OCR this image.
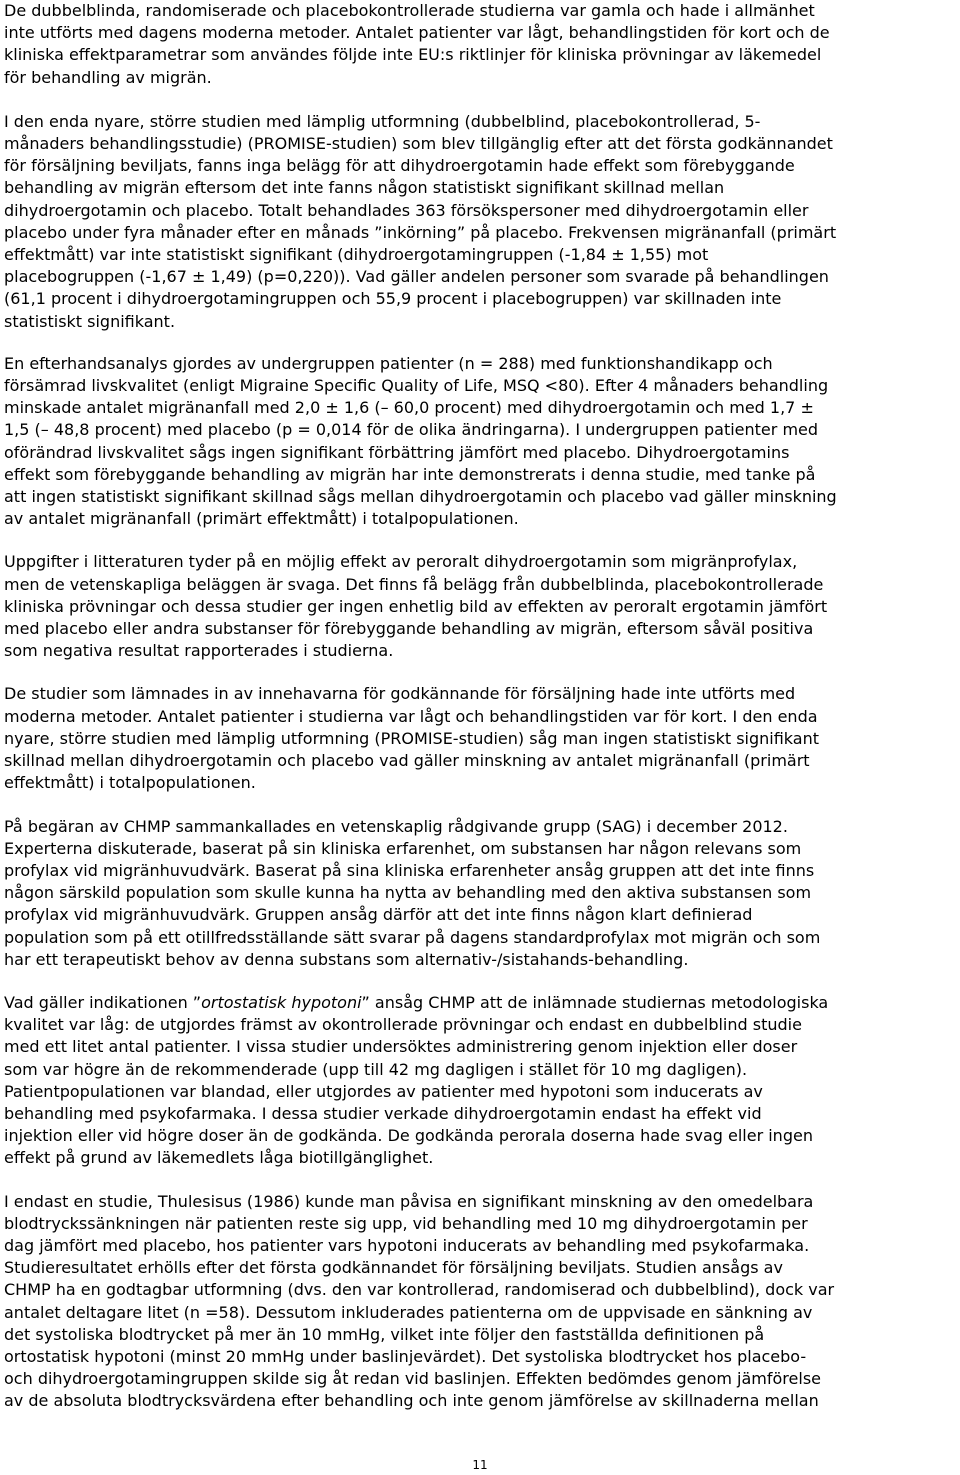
De dubbelblinda, randomiserade och placebokontrollerade studierna var gamla och hade i allmänhet
inte utförts med dagens moderna metoder. Antalet patienter var lågt, behandlingstiden för kort och de
kliniska effektparametrar som användes följde inte EU:s riktlinjer för kliniska prövningar av läkemedel
för behandling av migrän.
I den enda nyare, större studien med lämplig utformning (dubbelblind, placebokontrollerad, 5-
månaders behandlingsstudie) (PROMISE-studien) som blev tillgänglig efter att det första godkännandet
för försäljning beviljats, fanns inga belägg för att dihydroergotamin hade effekt som förebyggande
behandling av migrän eftersom det inte fanns någon statistiskt signifikant skillnad mellan
dihydroergotamin och placebo. Totalt behandlades 363 försökspersoner med dihydroergotamin eller
placebo under fyra månader efter en månads ”inkörning” på placebo. Frekvensen migränanfall (primärt
effektmått) var inte statistiskt signifikant (dihydroergotamingruppen (-1,84 ± 1,55) mot
placebogruppen (-1,67 ± 1,49) (p=0,220)). Vad gäller andelen personer som svarade på behandlingen
(61,1 procent i dihydroergotamingruppen och 55,9 procent i placebogruppen) var skillnaden inte
statistiskt signifikant.
En efterhandsanalys gjordes av undergruppen patienter (n = 288) med funktionshandikapp och
försämrad livskvalitet (enligt Migraine Specific Quality of Life, MSQ <80). Efter 4 månaders behandling
minskade antalet migränanfall med 2,0 ± 1,6 (– 60,0 procent) med dihydroergotamin och med 1,7 ±
1,5 (– 48,8 procent) med placebo (p = 0,014 för de olika ändringarna). I undergruppen patienter med
oförändrad livskvalitet sågs ingen signifikant förbättring jämfört med placebo. Dihydroergotamins
effekt som förebyggande behandling av migrän har inte demonstrerats i denna studie, med tanke på
att ingen statistiskt signifikant skillnad sågs mellan dihydroergotamin och placebo vad gäller minskning
av antalet migränanfall (primärt effektmått) i totalpopulationen.
Uppgifter i litteraturen tyder på en möjlig effekt av peroralt dihydroergotamin som migränprofylax,
men de vetenskapliga beläggen är svaga. Det finns få belägg från dubbelblinda, placebokontrollerade
kliniska prövningar och dessa studier ger ingen enhetlig bild av effekten av peroralt ergotamin jämfört
med placebo eller andra substanser för förebyggande behandling av migrän, eftersom såväl positiva
som negativa resultat rapporterades i studierna.
De studier som lämnades in av innehavarna för godkännande för försäljning hade inte utförts med
moderna metoder. Antalet patienter i studierna var lågt och behandlingstiden var för kort. I den enda
nyare, större studien med lämplig utformning (PROMISE-studien) såg man ingen statistiskt signifikant
skillnad mellan dihydroergotamin och placebo vad gäller minskning av antalet migränanfall (primärt
effektmått) i totalpopulationen.
På begäran av CHMP sammankallades en vetenskaplig rådgivande grupp (SAG) i december 2012.
Experterna diskuterade, baserat på sin kliniska erfarenhet, om substansen har någon relevans som
profylax vid migränhuvudvärk. Baserat på sina kliniska erfarenheter ansåg gruppen att det inte finns
någon särskild population som skulle kunna ha nytta av behandling med den aktiva substansen som
profylax vid migränhuvudvärk. Gruppen ansåg därför att det inte finns någon klart definierad
population som på ett otillfredsställande sätt svarar på dagens standardprofylax mot migrän och som
har ett terapeutiskt behov av denna substans som alternativ-/sistahands-behandling.
Vad gäller indikationen ”ortostatisk hypotoni” ansåg CHMP att de inlämnade studiernas metodologiska
kvalitet var låg: de utgjordes främst av okontrollerade prövningar och endast en dubbelblind studie
med ett litet antal patienter. I vissa studier undersöktes administrering genom injektion eller doser
som var högre än de rekommenderade (upp till 42 mg dagligen i stället för 10 mg dagligen).
Patientpopulationen var blandad, eller utgjordes av patienter med hypotoni som inducerats av
behandling med psykofarmaka. I dessa studier verkade dihydroergotamin endast ha effekt vid
injektion eller vid högre doser än de godkända. De godkända perorala doserna hade svag eller ingen
effekt på grund av läkemedlets låga biotillgänglighet.
I endast en studie, Thulesisus (1986) kunde man påvisa en signifikant minskning av den omedelbara
blodtryckssänkningen när patienten reste sig upp, vid behandling med 10 mg dihydroergotamin per
dag jämfört med placebo, hos patienter vars hypotoni inducerats av behandling med psykofarmaka.
Studieresultatet erhölls efter det första godkännandet för försäljning beviljats. Studien ansågs av
CHMP ha en godtagbar utformning (dvs. den var kontrollerad, randomiserad och dubbelblind), dock var
antalet deltagare litet (n =58). Dessutom inkluderades patienterna om de uppvisade en sänkning av
det systoliska blodtrycket på mer än 10 mmHg, vilket inte följer den fastställda definitionen på
ortostatisk hypotoni (minst 20 mmHg under baslinjevärdet). Det systoliska blodtrycket hos placebo-
och dihydroergotamingruppen skilde sig åt redan vid baslinjen. Effekten bedömdes genom jämförelse
av de absoluta blodtrycksvärdena efter behandling och inte genom jämförelse av skillnaderna mellan
11
